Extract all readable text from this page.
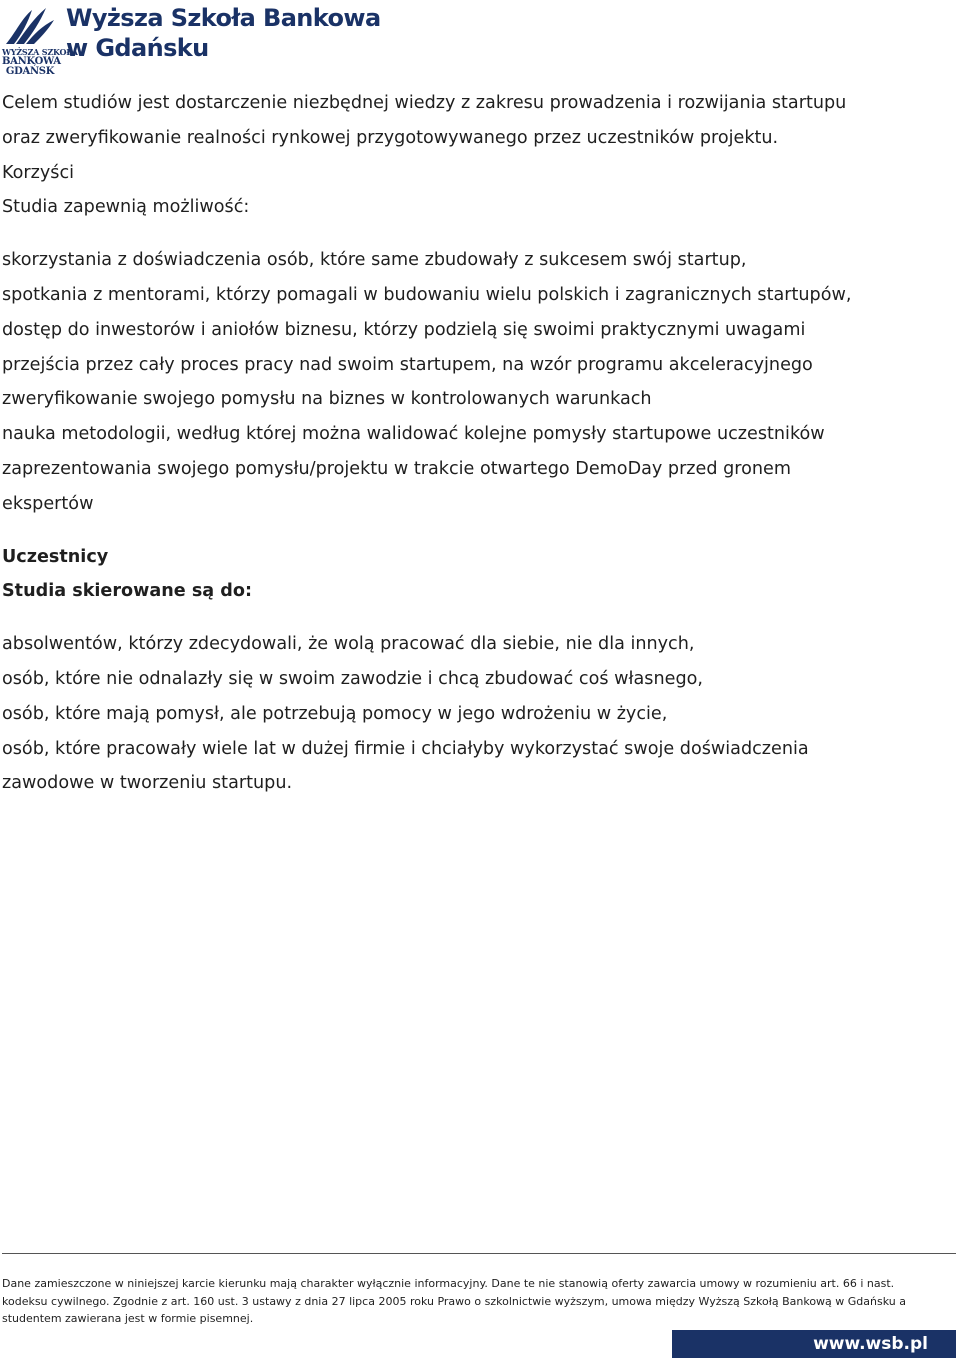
WYŻSZA SZKOŁA
BANKOWA
GDAŃSK
Wyższa Szkoła Bankowa
w Gdańsku
Celem studiów jest dostarczenie niezbędnej wiedzy z zakresu prowadzenia i rozwijania startupu
oraz zweryfikowanie realności rynkowej przygotowywanego przez uczestników projektu.
Korzyści
Studia zapewnią możliwość:
skorzystania z doświadczenia osób, które same zbudowały z sukcesem swój startup,
spotkania z mentorami, którzy pomagali w budowaniu wielu polskich i zagranicznych startupów,
dostęp do inwestorów i aniołów biznesu, którzy podzielą się swoimi praktycznymi uwagami
przejścia przez cały proces pracy nad swoim startupem, na wzór programu akceleracyjnego
zweryfikowanie swojego pomysłu na biznes w kontrolowanych warunkach
nauka metodologii, według której można walidować kolejne pomysły startupowe uczestników
zaprezentowania swojego pomysłu/projektu w trakcie otwartego DemoDay przed gronem
ekspertów
Uczestnicy
Studia skierowane są do:
absolwentów, którzy zdecydowali, że wolą pracować dla siebie, nie dla innych,
osób, które nie odnalazły się w swoim zawodzie i chcą zbudować coś własnego,
osób, które mają pomysł, ale potrzebują pomocy w jego wdrożeniu w życie,
osób, które pracowały wiele lat w dużej firmie i chciałyby wykorzystać swoje doświadczenia
zawodowe w tworzeniu startupu.
Dane zamieszczone w niniejszej karcie kierunku mają charakter wyłącznie informacyjny. Dane te nie stanowią oferty zawarcia umowy w rozumieniu art. 66 i nast.
kodeksu cywilnego. Zgodnie z art. 160 ust. 3 ustawy z dnia 27 lipca 2005 roku Prawo o szkolnictwie wyższym, umowa między Wyższą Szkołą Bankową w Gdańsku a
studentem zawierana jest w formie pisemnej.
www.wsb.pl
